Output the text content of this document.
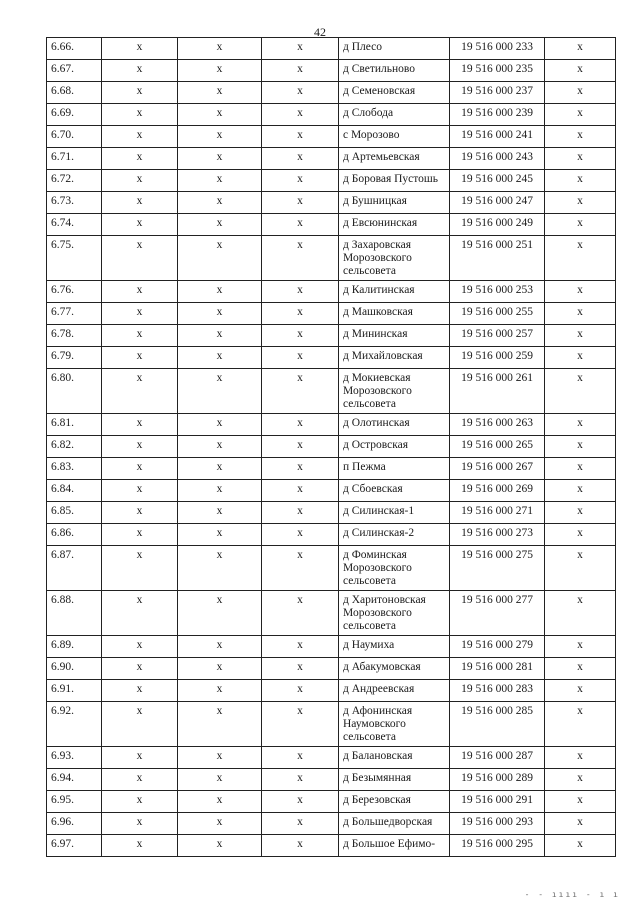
42
6.66.	x	x	x	д Плесо	19 516 000 233	x
6.67.	x	x	x	д Светильново	19 516 000 235	x
6.68.	x	x	x	д Семеновская	19 516 000 237	x
6.69.	x	x	x	д Слобода	19 516 000 239	x
6.70.	x	x	x	с Морозово	19 516 000 241	x
6.71.	x	x	x	д Артемьевская	19 516 000 243	x
6.72.	x	x	x	д Боровая Пустошь	19 516 000 245	x
6.73.	x	x	x	д Бушницкая	19 516 000 247	x
6.74.	x	x	x	д Евсюнинская	19 516 000 249	x
6.75.	x	x	x	д Захаровская Морозовского сельсовета	19 516 000 251	x
6.76.	x	x	x	д Калитинская	19 516 000 253	x
6.77.	x	x	x	д Машковская	19 516 000 255	x
6.78.	x	x	x	д Мининская	19 516 000 257	x
6.79.	x	x	x	д Михайловская	19 516 000 259	x
6.80.	x	x	x	д Мокиевская Морозовского сельсовета	19 516 000 261	x
6.81.	x	x	x	д Олотинская	19 516 000 263	x
6.82.	x	x	x	д Островская	19 516 000 265	x
6.83.	x	x	x	п Пежма	19 516 000 267	x
6.84.	x	x	x	д Сбоевская	19 516 000 269	x
6.85.	x	x	x	д Силинская-1	19 516 000 271	x
6.86.	x	x	x	д Силинская-2	19 516 000 273	x
6.87.	x	x	x	д Фоминская Морозовского сельсовета	19 516 000 275	x
6.88.	x	x	x	д Харитоновская Морозовского сельсовета	19 516 000 277	x
6.89.	x	x	x	д Наумиха	19 516 000 279	x
6.90.	x	x	x	д Абакумовская	19 516 000 281	x
6.91.	x	x	x	д Андреевская	19 516 000 283	x
6.92.	x	x	x	д Афонинская Наумовского сельсовета	19 516 000 285	x
6.93.	x	x	x	д Балановская	19 516 000 287	x
6.94.	x	x	x	д Безымянная	19 516 000 289	x
6.95.	x	x	x	д Березовская	19 516 000 291	x
6.96.	x	x	x	д Большедворская	19 516 000 293	x
6.97.	x	x	x	д Большое Ефимо-	19 516 000 295	x
‐ ‐ ıııı ‐ ı ı
